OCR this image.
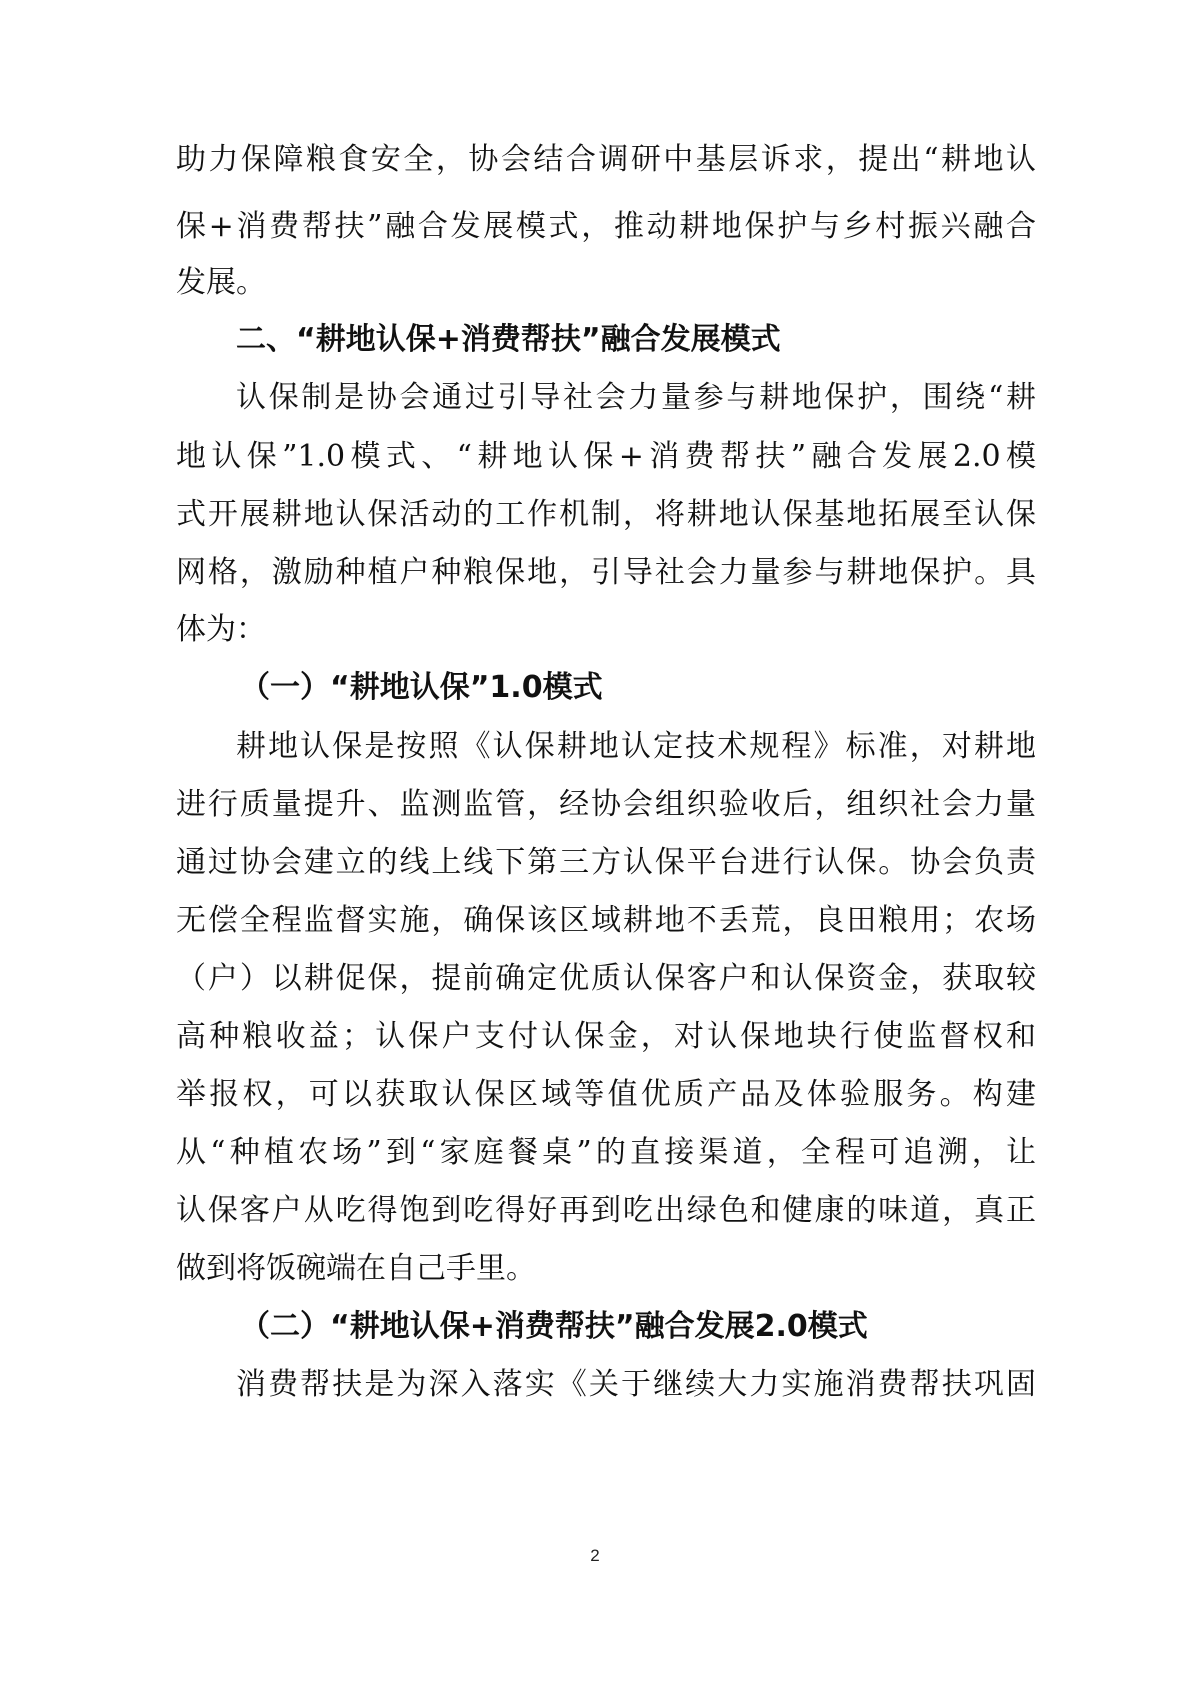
助力保障粮食安全，协会结合调研中基层诉求，提出“耕地认
保+消费帮扶”融合发展模式，推动耕地保护与乡村振兴融合
发展。
二、“耕地认保+消费帮扶”融合发展模式
认保制是协会通过引导社会力量参与耕地保护，围绕“耕
地认保”1.0模式、“耕地认保+消费帮扶”融合发展2.0模
式开展耕地认保活动的工作机制，将耕地认保基地拓展至认保
网格，激励种植户种粮保地，引导社会力量参与耕地保护。具
体为：
（一）“耕地认保”1.0模式
耕地认保是按照《认保耕地认定技术规程》标准，对耕地
进行质量提升、监测监管，经协会组织验收后，组织社会力量
通过协会建立的线上线下第三方认保平台进行认保。协会负责
无偿全程监督实施，确保该区域耕地不丢荒，良田粮用；农场
（户）以耕促保，提前确定优质认保客户和认保资金，获取较
高种粮收益；认保户支付认保金，对认保地块行使监督权和
举报权，可以获取认保区域等值优质产品及体验服务。构建
从“种植农场”到“家庭餐桌”的直接渠道，全程可追溯，让
认保客户从吃得饱到吃得好再到吃出绿色和健康的味道，真正
做到将饭碗端在自己手里。
（二）“耕地认保+消费帮扶”融合发展2.0模式
消费帮扶是为深入落实《关于继续大力实施消费帮扶巩固
2
